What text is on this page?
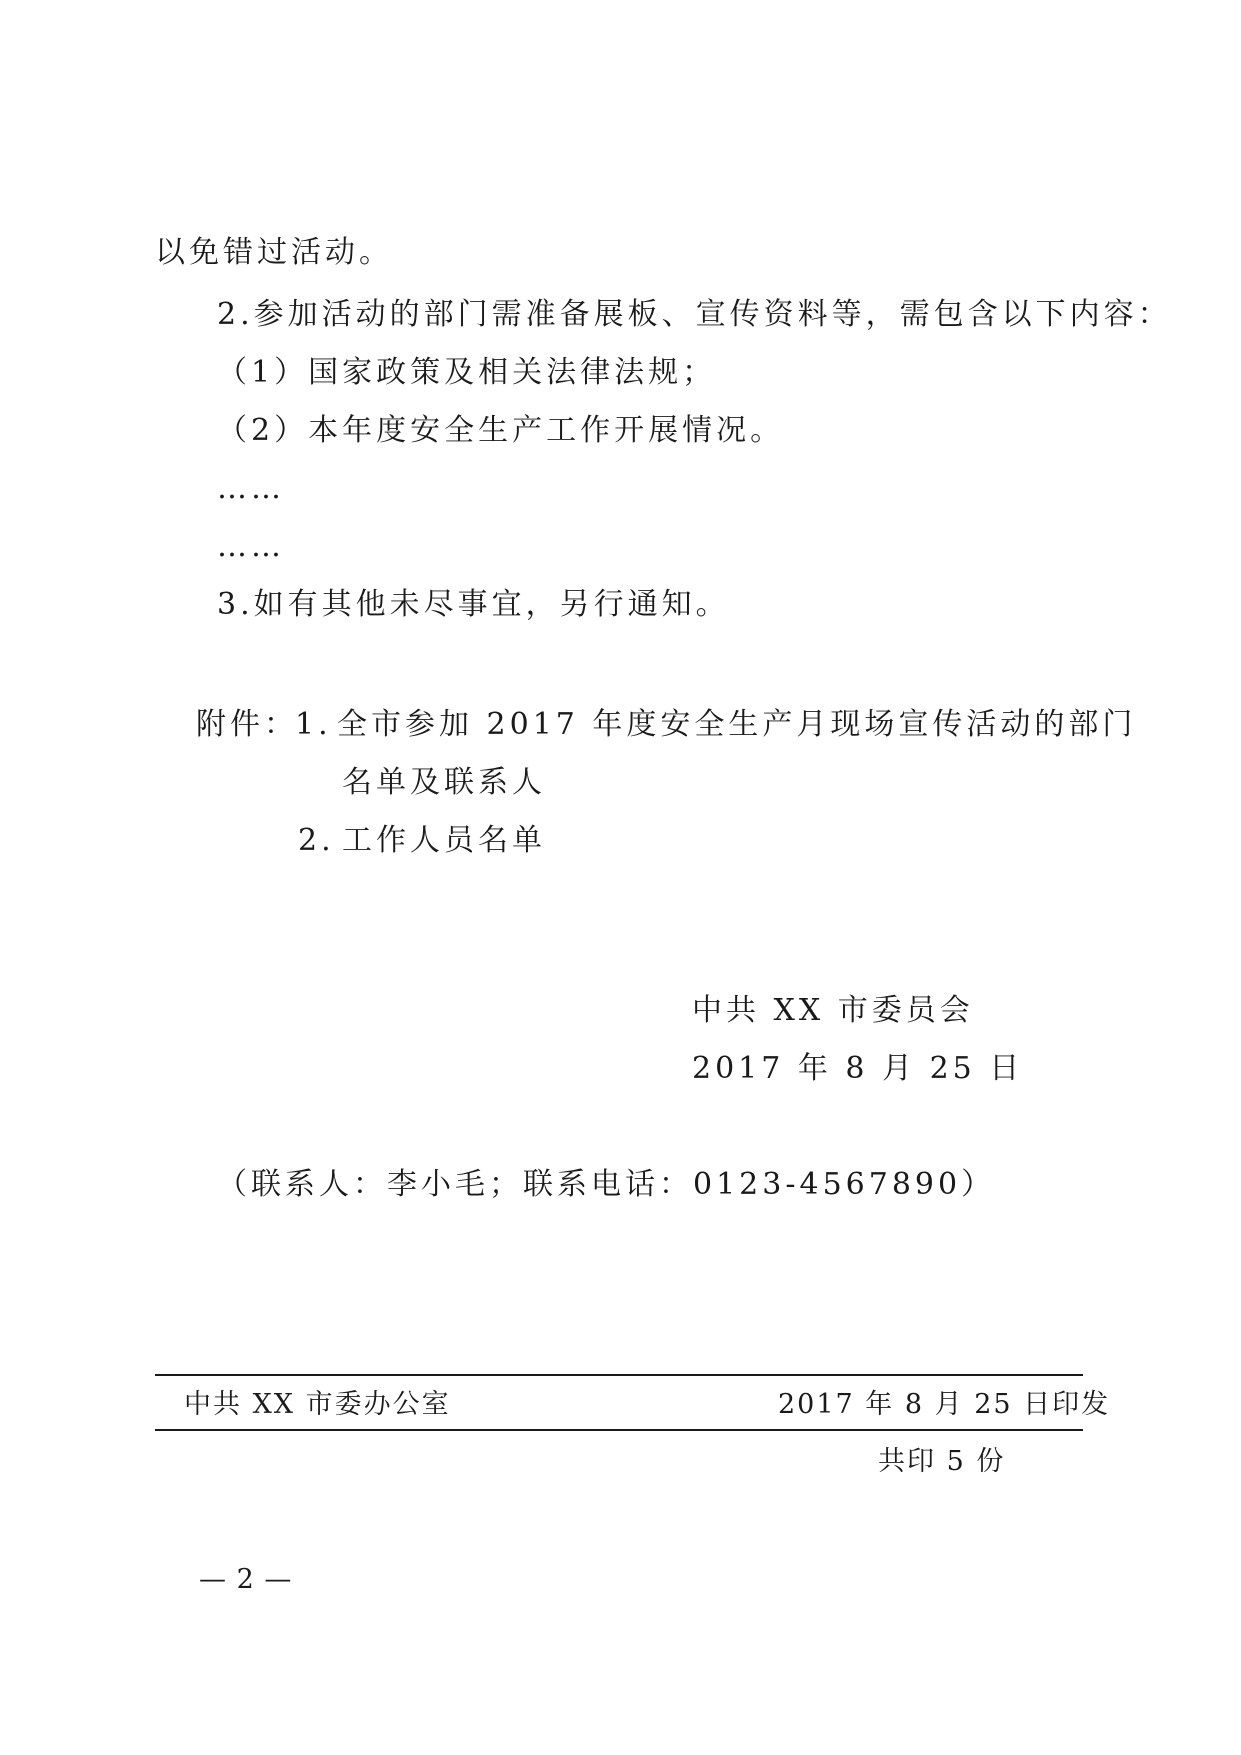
以免错过活动。
2.参加活动的部门需准备展板、宣传资料等，需包含以下内容：
（1）国家政策及相关法律法规；
（2）本年度安全生产工作开展情况。
……
……
3.如有其他未尽事宜，另行通知。
附件：
1. 全市参加 2017 年度安全生产月现场宣传活动的部门
名单及联系人
2. 工作人员名单
中共 XX 市委员会
2017 年 8 月 25 日
（联系人：李小毛；联系电话：0123-4567890）
中共 XX 市委办公室	2017 年 8 月 25 日印发
共印 5 份
— 2 —
